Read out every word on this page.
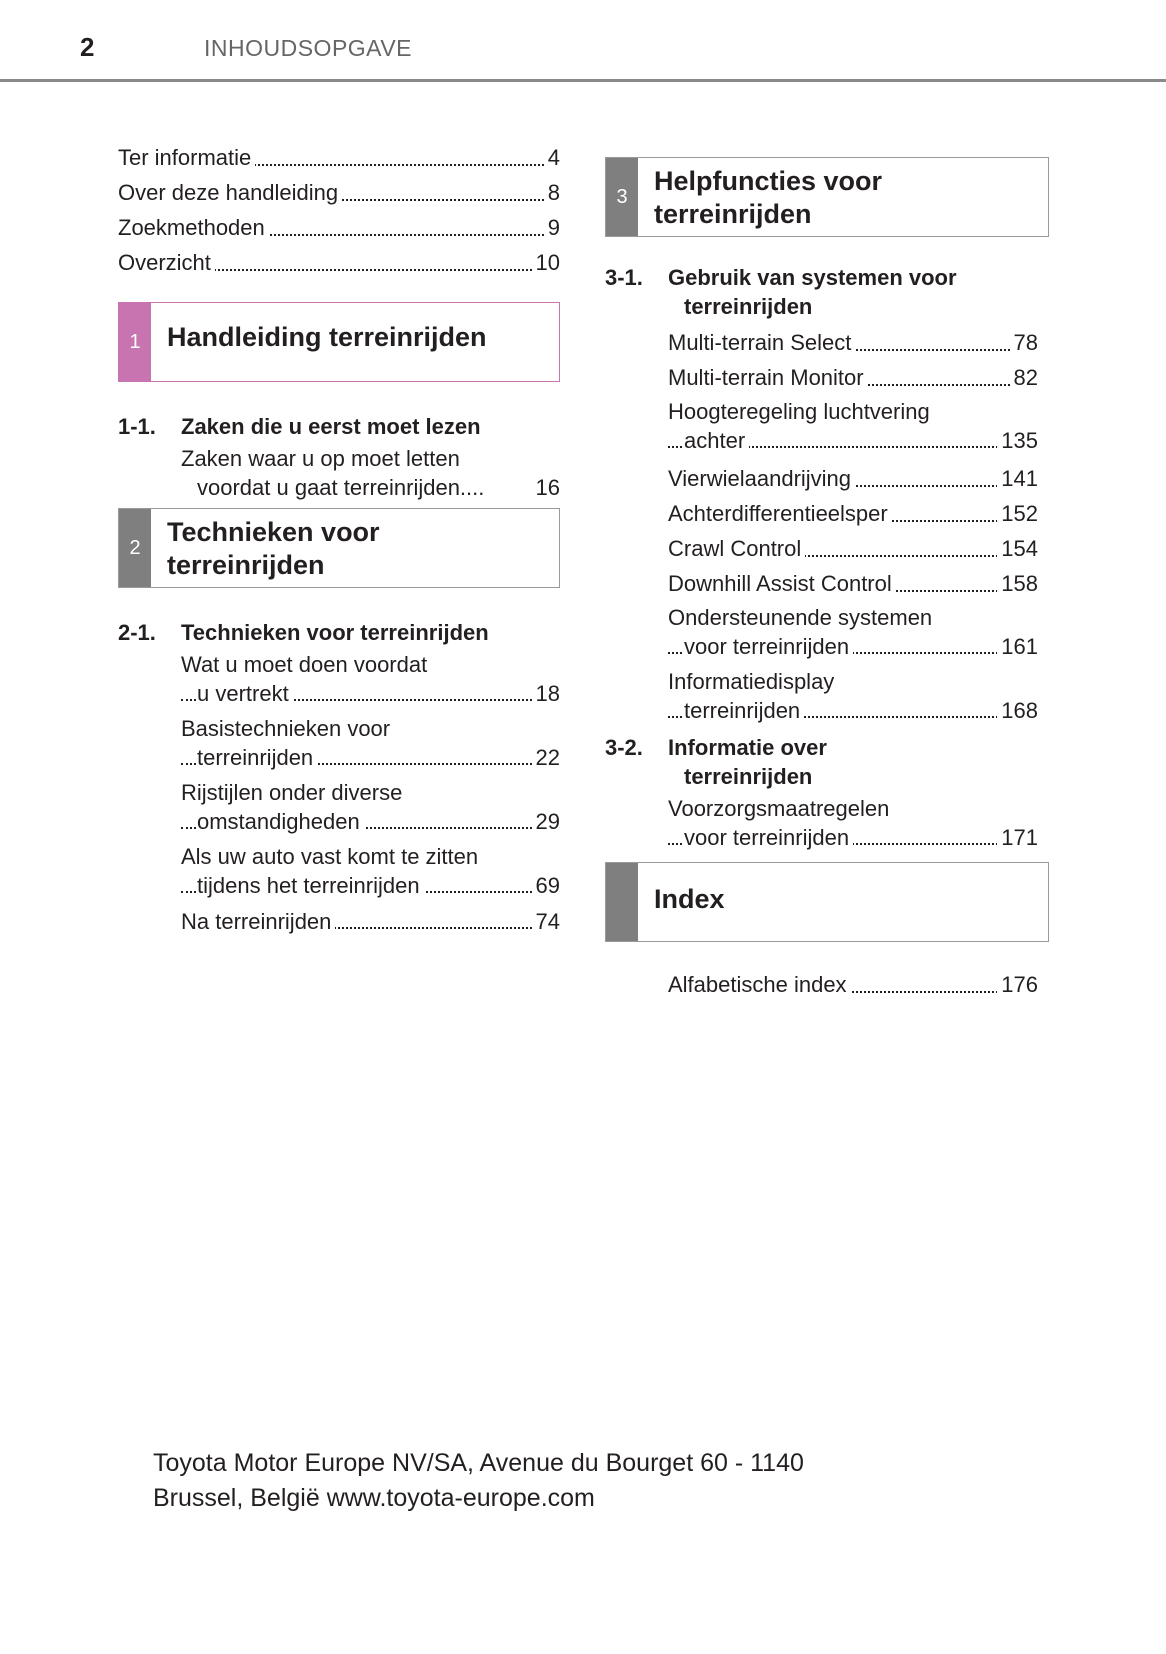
2	INHOUDSOPGAVE
Ter informatie	4
Over deze handleiding	8
Zoekmethoden	9
Overzicht	10
1 Handleiding terreinrijden
1-1.	Zaken die u eerst moet lezen
Zaken waar u op moet letten
voordat u gaat terreinrijden.... 16
2
Technieken voor
terreinrijden
2-1.	Technieken voor terreinrijden
Wat u moet doen voordat
u vertrekt	18
Basistechnieken voor
terreinrijden	22
Rijstijlen onder diverse
omstandigheden	29
Als uw auto vast komt te zitten
tijdens het terreinrijden	69
Na terreinrijden	74
3
Helpfuncties voor
terreinrijden
3-1.	Gebruik van systemen voor
terreinrijden
Multi-terrain Select	78
Multi-terrain Monitor	82
Hoogteregeling luchtvering
achter	135
Vierwielaandrijving	141
Achterdifferentieelsper	152
Crawl Control	154
Downhill Assist Control	158
Ondersteunende systemen
voor terreinrijden	161
Informatiedisplay
terreinrijden	168
3-2.	Informatie over
terreinrijden
Voorzorgsmaatregelen
voor terreinrijden	171
Index
Alfabetische index	176
Toyota Motor Europe NV/SA, Avenue du Bourget 60 - 1140
Brussel, België www.toyota-europe.com
